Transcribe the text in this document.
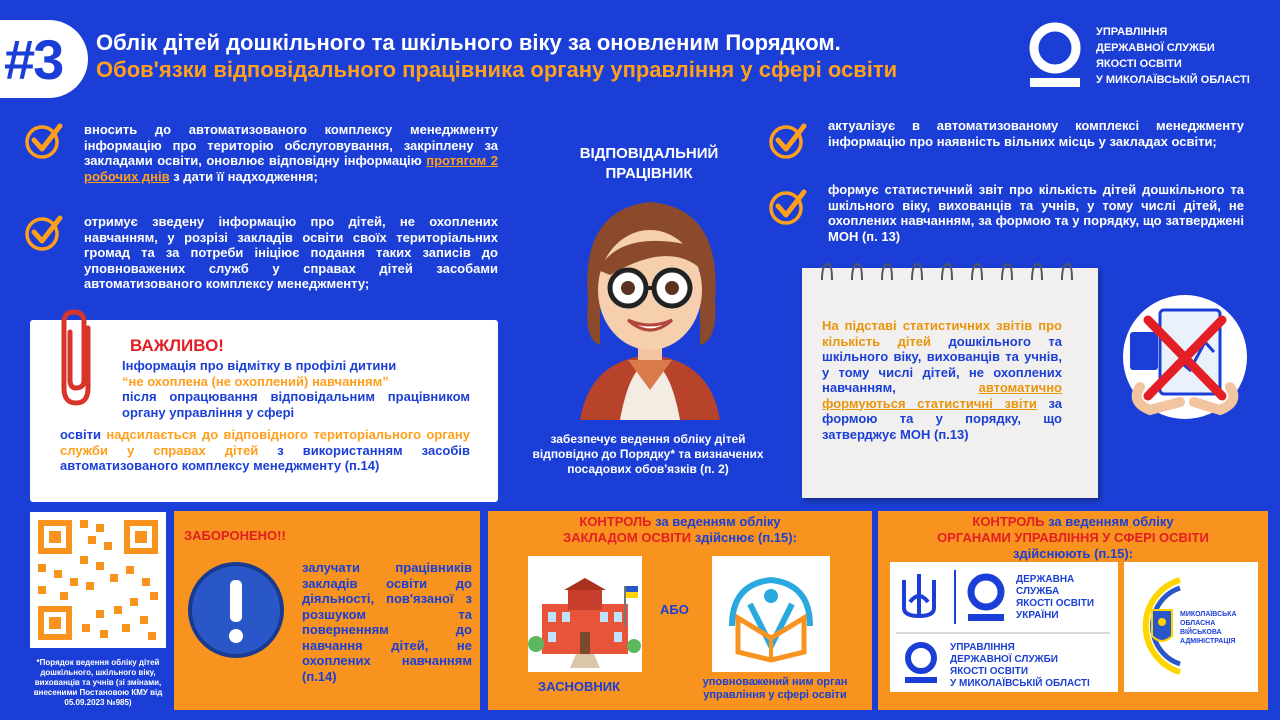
#3	Облік дітей дошкільного та шкільного віку за оновленим Порядком.
Обов'язки відповідального працівника органу управління у сфері освіти
УПРАВЛІННЯ
ДЕРЖАВНОЇ СЛУЖБИ
ЯКОСТІ ОСВІТИ
У МИКОЛАЇВСЬКІЙ ОБЛАСТІ
вносить до автоматизованого комплексу менеджменту інформацію про територію обслуговування, закріплену за закладами освіти, оновлює відповідну інформацію протягом 2 робочих днів з дати її надходження;
отримує зведену інформацію про дітей, не охоплених навчанням, у розрізі закладів освіти своїх територіальних громад та за потреби ініціює подання таких записів до уповноважених служб у справах дітей засобами автоматизованого комплексу менеджменту;
ВАЖЛИВО!
Інформація про відмітку в профілі дитини
“не охоплена (не охоплений) навчанням”
після опрацювання відповідальним працівником органу управління у сфері
освіти надсилається до відповідного територіального органу служби у справах дітей з використанням засобів автоматизованого комплексу менеджменту (п.14)
ВІДПОВІДАЛЬНИЙ
ПРАЦІВНИК
забезпечує ведення обліку дітей відповідно до Порядку* та визначених посадових обов'язків (п. 2)
актуалізує в автоматизованому комплексі менеджменту інформацію про наявність вільних місць у закладах освіти;
формує статистичний звіт про кількість дітей дошкільного та шкільного віку, вихованців та учнів, у тому числі дітей, не охоплених навчанням, за формою та у порядку, що затверджені МОН (п. 13)
На підставі статистичних звітів про кількість дітей дошкільного та шкільного віку, вихованців та учнів, у тому числі дітей, не охоплених навчанням, автоматично формуються статистичні звіти за формою та у порядку, що затверджує МОН (п.13)
*Порядок ведення обліку дітей дошкільного, шкільного віку, вихованців та учнів (зі змінами, внесеними Постановою КМУ від 05.09.2023 №985)
ЗАБОРОНЕНО!!
залучати працівників закладів освіти до діяльності, пов'язаної з розшуком та поверненням до навчання дітей, не охоплених навчанням (п.14)
КОНТРОЛЬ за веденням обліку
ЗАКЛАДОМ ОСВІТИ здійснює (п.15):
ЗАСНОВНИК
АБО
уповноважений ним орган управління у сфері освіти
КОНТРОЛЬ за веденням обліку
ОРГАНАМИ УПРАВЛІННЯ У СФЕРІ ОСВІТИ
здійснюють (п.15):
ДЕРЖАВНА
СЛУЖБА
ЯКОСТІ ОСВІТИ
УКРАЇНИ
УПРАВЛІННЯ
ДЕРЖАВНОЇ СЛУЖБИ
ЯКОСТІ ОСВІТИ
У МИКОЛАЇВСЬКІЙ ОБЛАСТІ
МИКОЛАЇВСЬКА
ОБЛАСНА
ВІЙСЬКОВА
АДМІНІСТРАЦІЯ
